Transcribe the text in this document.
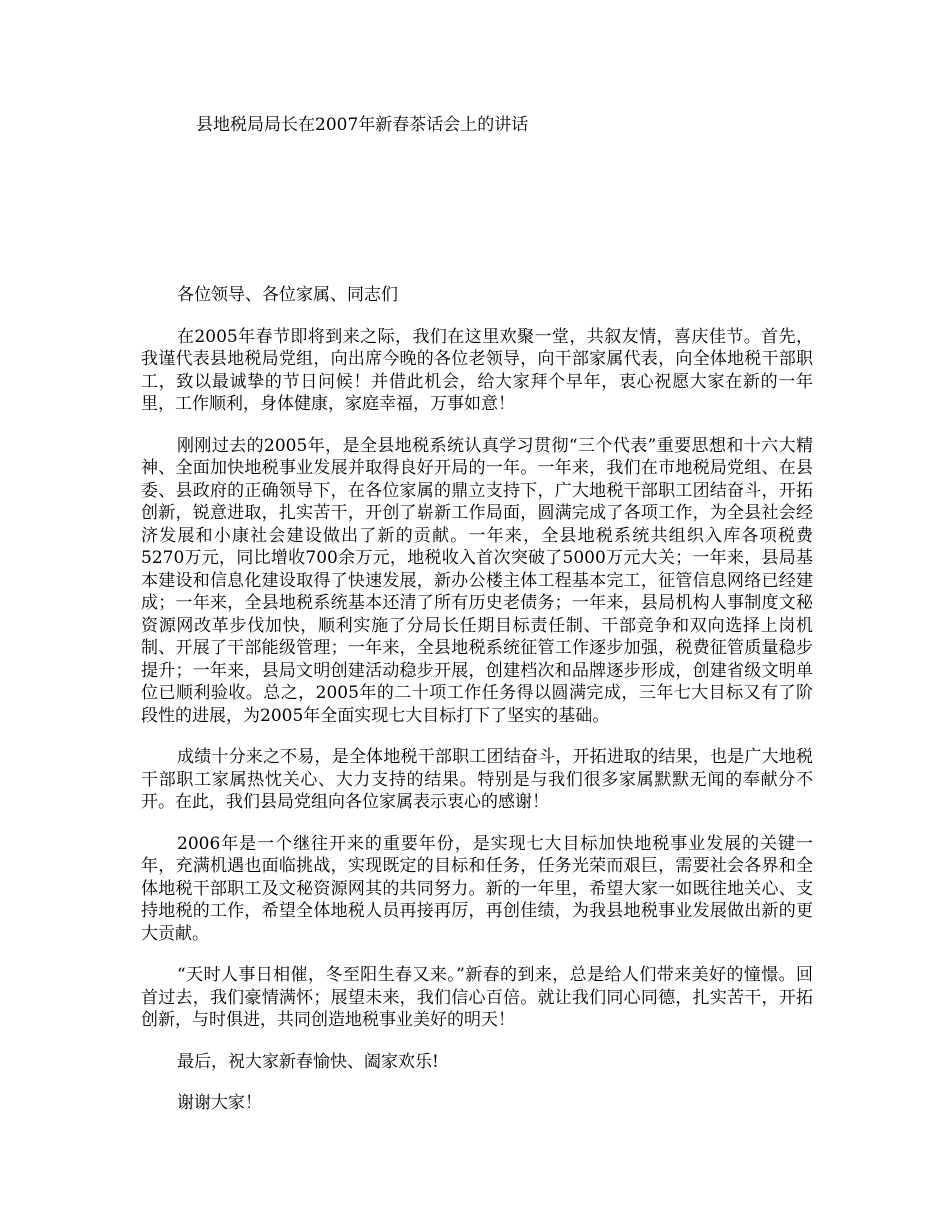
县地税局局长在2007年新春茶话会上的讲话

各位领导、各位家属、同志们

在2005年春节即将到来之际，我们在这里欢聚一堂，共叙友情，喜庆佳节。首先，我谨代表县地税局党组，向出席今晚的各位老领导，向干部家属代表，向全体地税干部职工，致以最诚挚的节日问候！并借此机会，给大家拜个早年，衷心祝愿大家在新的一年里，工作顺利，身体健康，家庭幸福，万事如意！

刚刚过去的2005年，是全县地税系统认真学习贯彻“三个代表”重要思想和十六大精神、全面加快地税事业发展并取得良好开局的一年。一年来，我们在市地税局党组、在县委、县政府的正确领导下，在各位家属的鼎立支持下，广大地税干部职工团结奋斗，开拓创新，锐意进取，扎实苦干，开创了崭新工作局面，圆满完成了各项工作，为全县社会经济发展和小康社会建设做出了新的贡献。一年来，全县地税系统共组织入库各项税费5270万元，同比增收700余万元，地税收入首次突破了5000万元大关；一年来，县局基本建设和信息化建设取得了快速发展，新办公楼主体工程基本完工，征管信息网络已经建成；一年来，全县地税系统基本还清了所有历史老债务；一年来，县局机构人事制度文秘资源网改革步伐加快，顺利实施了分局长任期目标责任制、干部竞争和双向选择上岗机制、开展了干部能级管理；一年来，全县地税系统征管工作逐步加强，税费征管质量稳步提升；一年来，县局文明创建活动稳步开展，创建档次和品牌逐步形成，创建省级文明单位已顺利验收。总之，2005年的二十项工作任务得以圆满完成，三年七大目标又有了阶段性的进展，为2005年全面实现七大目标打下了坚实的基础。

成绩十分来之不易，是全体地税干部职工团结奋斗，开拓进取的结果，也是广大地税干部职工家属热忱关心、大力支持的结果。特别是与我们很多家属默默无闻的奉献分不开。在此，我们县局党组向各位家属表示衷心的感谢！

2006年是一个继往开来的重要年份，是实现七大目标加快地税事业发展的关键一年，充满机遇也面临挑战，实现既定的目标和任务，任务光荣而艰巨，需要社会各界和全体地税干部职工及文秘资源网其的共同努力。新的一年里，希望大家一如既往地关心、支持地税的工作，希望全体地税人员再接再厉，再创佳绩，为我县地税事业发展做出新的更大贡献。

“天时人事日相催，冬至阳生春又来。”新春的到来，总是给人们带来美好的憧憬。回首过去，我们豪情满怀；展望未来，我们信心百倍。就让我们同心同德，扎实苦干，开拓创新，与时俱进，共同创造地税事业美好的明天！

最后，祝大家新春愉快、阖家欢乐!

谢谢大家！
